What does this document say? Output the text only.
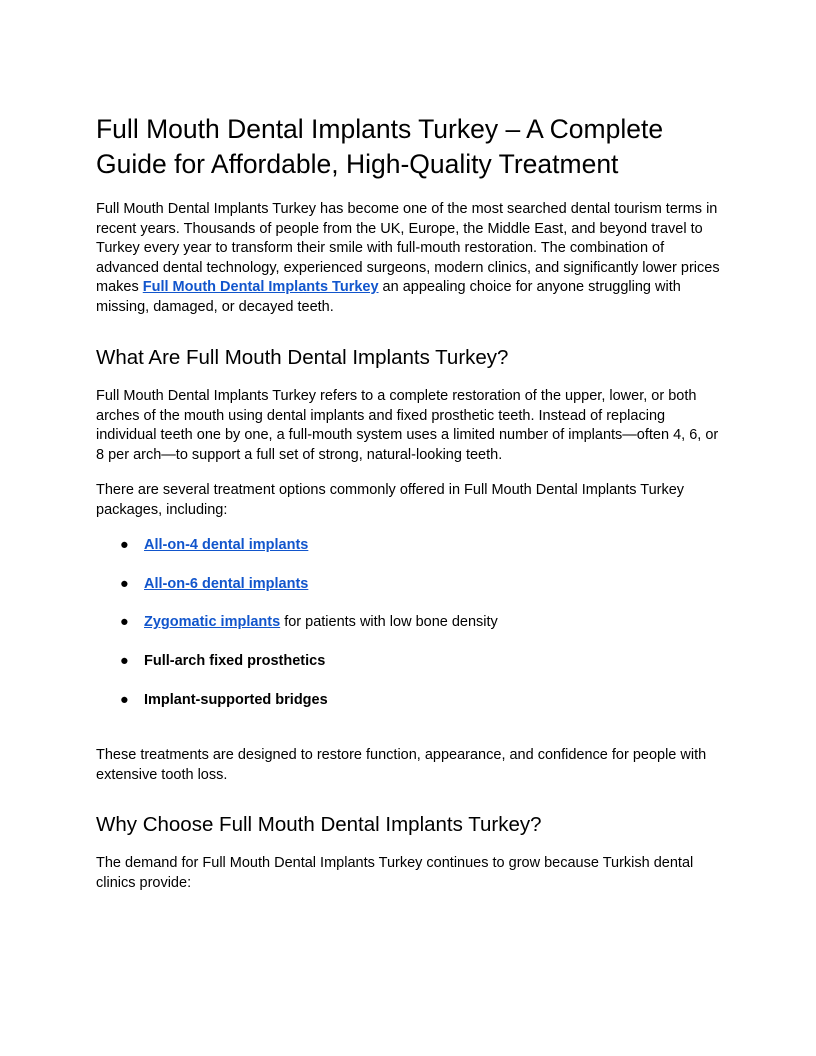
Full Mouth Dental Implants Turkey – A Complete Guide for Affordable, High-Quality Treatment

Full Mouth Dental Implants Turkey has become one of the most searched dental tourism terms in recent years. Thousands of people from the UK, Europe, the Middle East, and beyond travel to Turkey every year to transform their smile with full-mouth restoration. The combination of advanced dental technology, experienced surgeons, modern clinics, and significantly lower prices makes Full Mouth Dental Implants Turkey an appealing choice for anyone struggling with missing, damaged, or decayed teeth.

What Are Full Mouth Dental Implants Turkey?

Full Mouth Dental Implants Turkey refers to a complete restoration of the upper, lower, or both arches of the mouth using dental implants and fixed prosthetic teeth. Instead of replacing individual teeth one by one, a full-mouth system uses a limited number of implants—often 4, 6, or 8 per arch—to support a full set of strong, natural-looking teeth.

There are several treatment options commonly offered in Full Mouth Dental Implants Turkey packages, including:

● All-on-4 dental implants
● All-on-6 dental implants
● Zygomatic implants for patients with low bone density
● Full-arch fixed prosthetics
● Implant-supported bridges

These treatments are designed to restore function, appearance, and confidence for people with extensive tooth loss.

Why Choose Full Mouth Dental Implants Turkey?

The demand for Full Mouth Dental Implants Turkey continues to grow because Turkish dental clinics provide:
